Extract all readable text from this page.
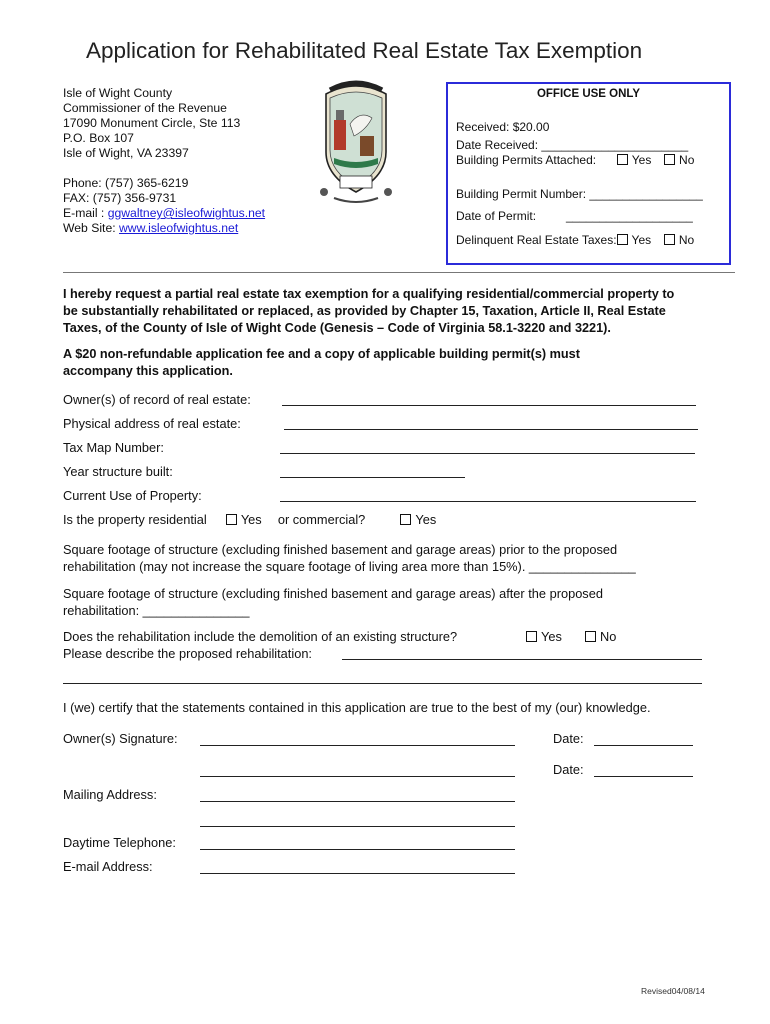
Application for Rehabilitated Real Estate Tax Exemption
Isle of Wight County
Commissioner of the Revenue
17090 Monument Circle, Ste 113
P.O. Box 107
Isle of Wight, VA 23397
Phone: (757) 365-6219
FAX: (757) 356-9731
E-mail : ggwaltney@isleofwightus.net
Web Site: www.isleofwightus.net
OFFICE USE ONLY
Received: $20.00
Date Received: ______________________
Building Permits Attached:	Yes No
Building Permit Number: _________________
Date of Permit: ___________________
Delinquent Real Estate Taxes: Yes No
I hereby request a partial real estate tax exemption for a qualifying residential/commercial property to
be substantially rehabilitated or replaced, as provided by Chapter 15, Taxation, Article II, Real Estate
Taxes, of the County of Isle of Wight Code (Genesis – Code of Virginia 58.1-3220 and 3221).
A $20 non-refundable application fee and a copy of applicable building permit(s) must
accompany this application.
Owner(s) of record of real estate:
Physical address of real estate:
Tax Map Number:
Year structure built:
Current Use of Property:
Is the property residential	Yes or commercial?	Yes
Square footage of structure (excluding finished basement and garage areas) prior to the proposed
rehabilitation (may not increase the square footage of living area more than 15%). _______________
Square footage of structure (excluding finished basement and garage areas) after the proposed
rehabilitation: _______________
Does the rehabilitation include the demolition of an existing structure?	Yes	No
Please describe the proposed rehabilitation:
I (we) certify that the statements contained in this application are true to the best of my (our) knowledge.
Owner(s) Signature:	Date:
Date:
Mailing Address:
Daytime Telephone:
E-mail Address:
Revised04/08/14
